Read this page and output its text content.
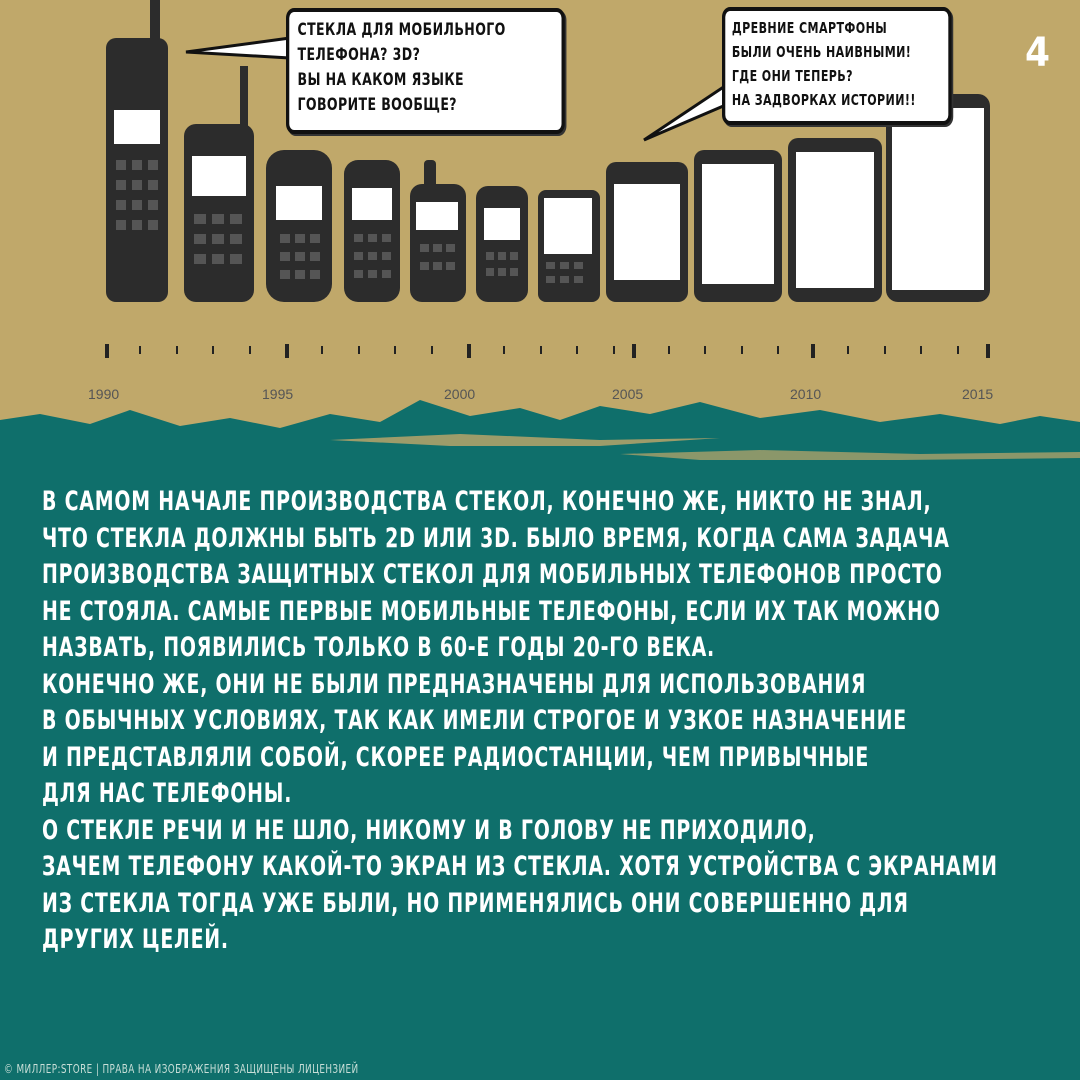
1990	1995	2000	2005	2010	2015

СТЕКЛА ДЛЯ МОБИЛЬНОГО
ТЕЛЕФОНА? 3D?
ВЫ НА КАКОМ ЯЗЫКЕ
ГОВОРИТЕ ВООБЩЕ?

ДРЕВНИЕ СМАРТФОНЫ
БЫЛИ ОЧЕНЬ НАИВНЫМИ!
ГДЕ ОНИ ТЕПЕРЬ?
НА ЗАДВОРКАХ ИСТОРИИ!!

4
В САМОМ НАЧАЛЕ ПРОИЗВОДСТВА СТЕКОЛ, КОНЕЧНО ЖЕ, НИКТО НЕ ЗНАЛ,
ЧТО СТЕКЛА ДОЛЖНЫ БЫТЬ 2D ИЛИ 3D. БЫЛО ВРЕМЯ, КОГДА САМА ЗАДАЧА
ПРОИЗВОДСТВА ЗАЩИТНЫХ СТЕКОЛ ДЛЯ МОБИЛЬНЫХ ТЕЛЕФОНОВ ПРОСТО
НЕ СТОЯЛА. САМЫЕ ПЕРВЫЕ МОБИЛЬНЫЕ ТЕЛЕФОНЫ, ЕСЛИ ИХ ТАК МОЖНО
НАЗВАТЬ, ПОЯВИЛИСЬ ТОЛЬКО В 60-Е ГОДЫ 20-ГО ВЕКА.
КОНЕЧНО ЖЕ, ОНИ НЕ БЫЛИ ПРЕДНАЗНАЧЕНЫ ДЛЯ ИСПОЛЬЗОВАНИЯ
В ОБЫЧНЫХ УСЛОВИЯХ, ТАК КАК ИМЕЛИ СТРОГОЕ И УЗКОЕ НАЗНАЧЕНИЕ
И ПРЕДСТАВЛЯЛИ СОБОЙ, СКОРЕЕ РАДИОСТАНЦИИ, ЧЕМ ПРИВЫЧНЫЕ
ДЛЯ НАС ТЕЛЕФОНЫ.
О СТЕКЛЕ РЕЧИ И НЕ ШЛО, НИКОМУ И В ГОЛОВУ НЕ ПРИХОДИЛО,
ЗАЧЕМ ТЕЛЕФОНУ КАКОЙ-ТО ЭКРАН ИЗ СТЕКЛА. ХОТЯ УСТРОЙСТВА С ЭКРАНАМИ
ИЗ СТЕКЛА ТОГДА УЖЕ БЫЛИ, НО ПРИМЕНЯЛИСЬ ОНИ СОВЕРШЕННО ДЛЯ
ДРУГИХ ЦЕЛЕЙ.
© МИЛЛЕР:STORE | ПРАВА НА ИЗОБРАЖЕНИЯ ЗАЩИЩЕНЫ ЛИЦЕНЗИЕЙ
